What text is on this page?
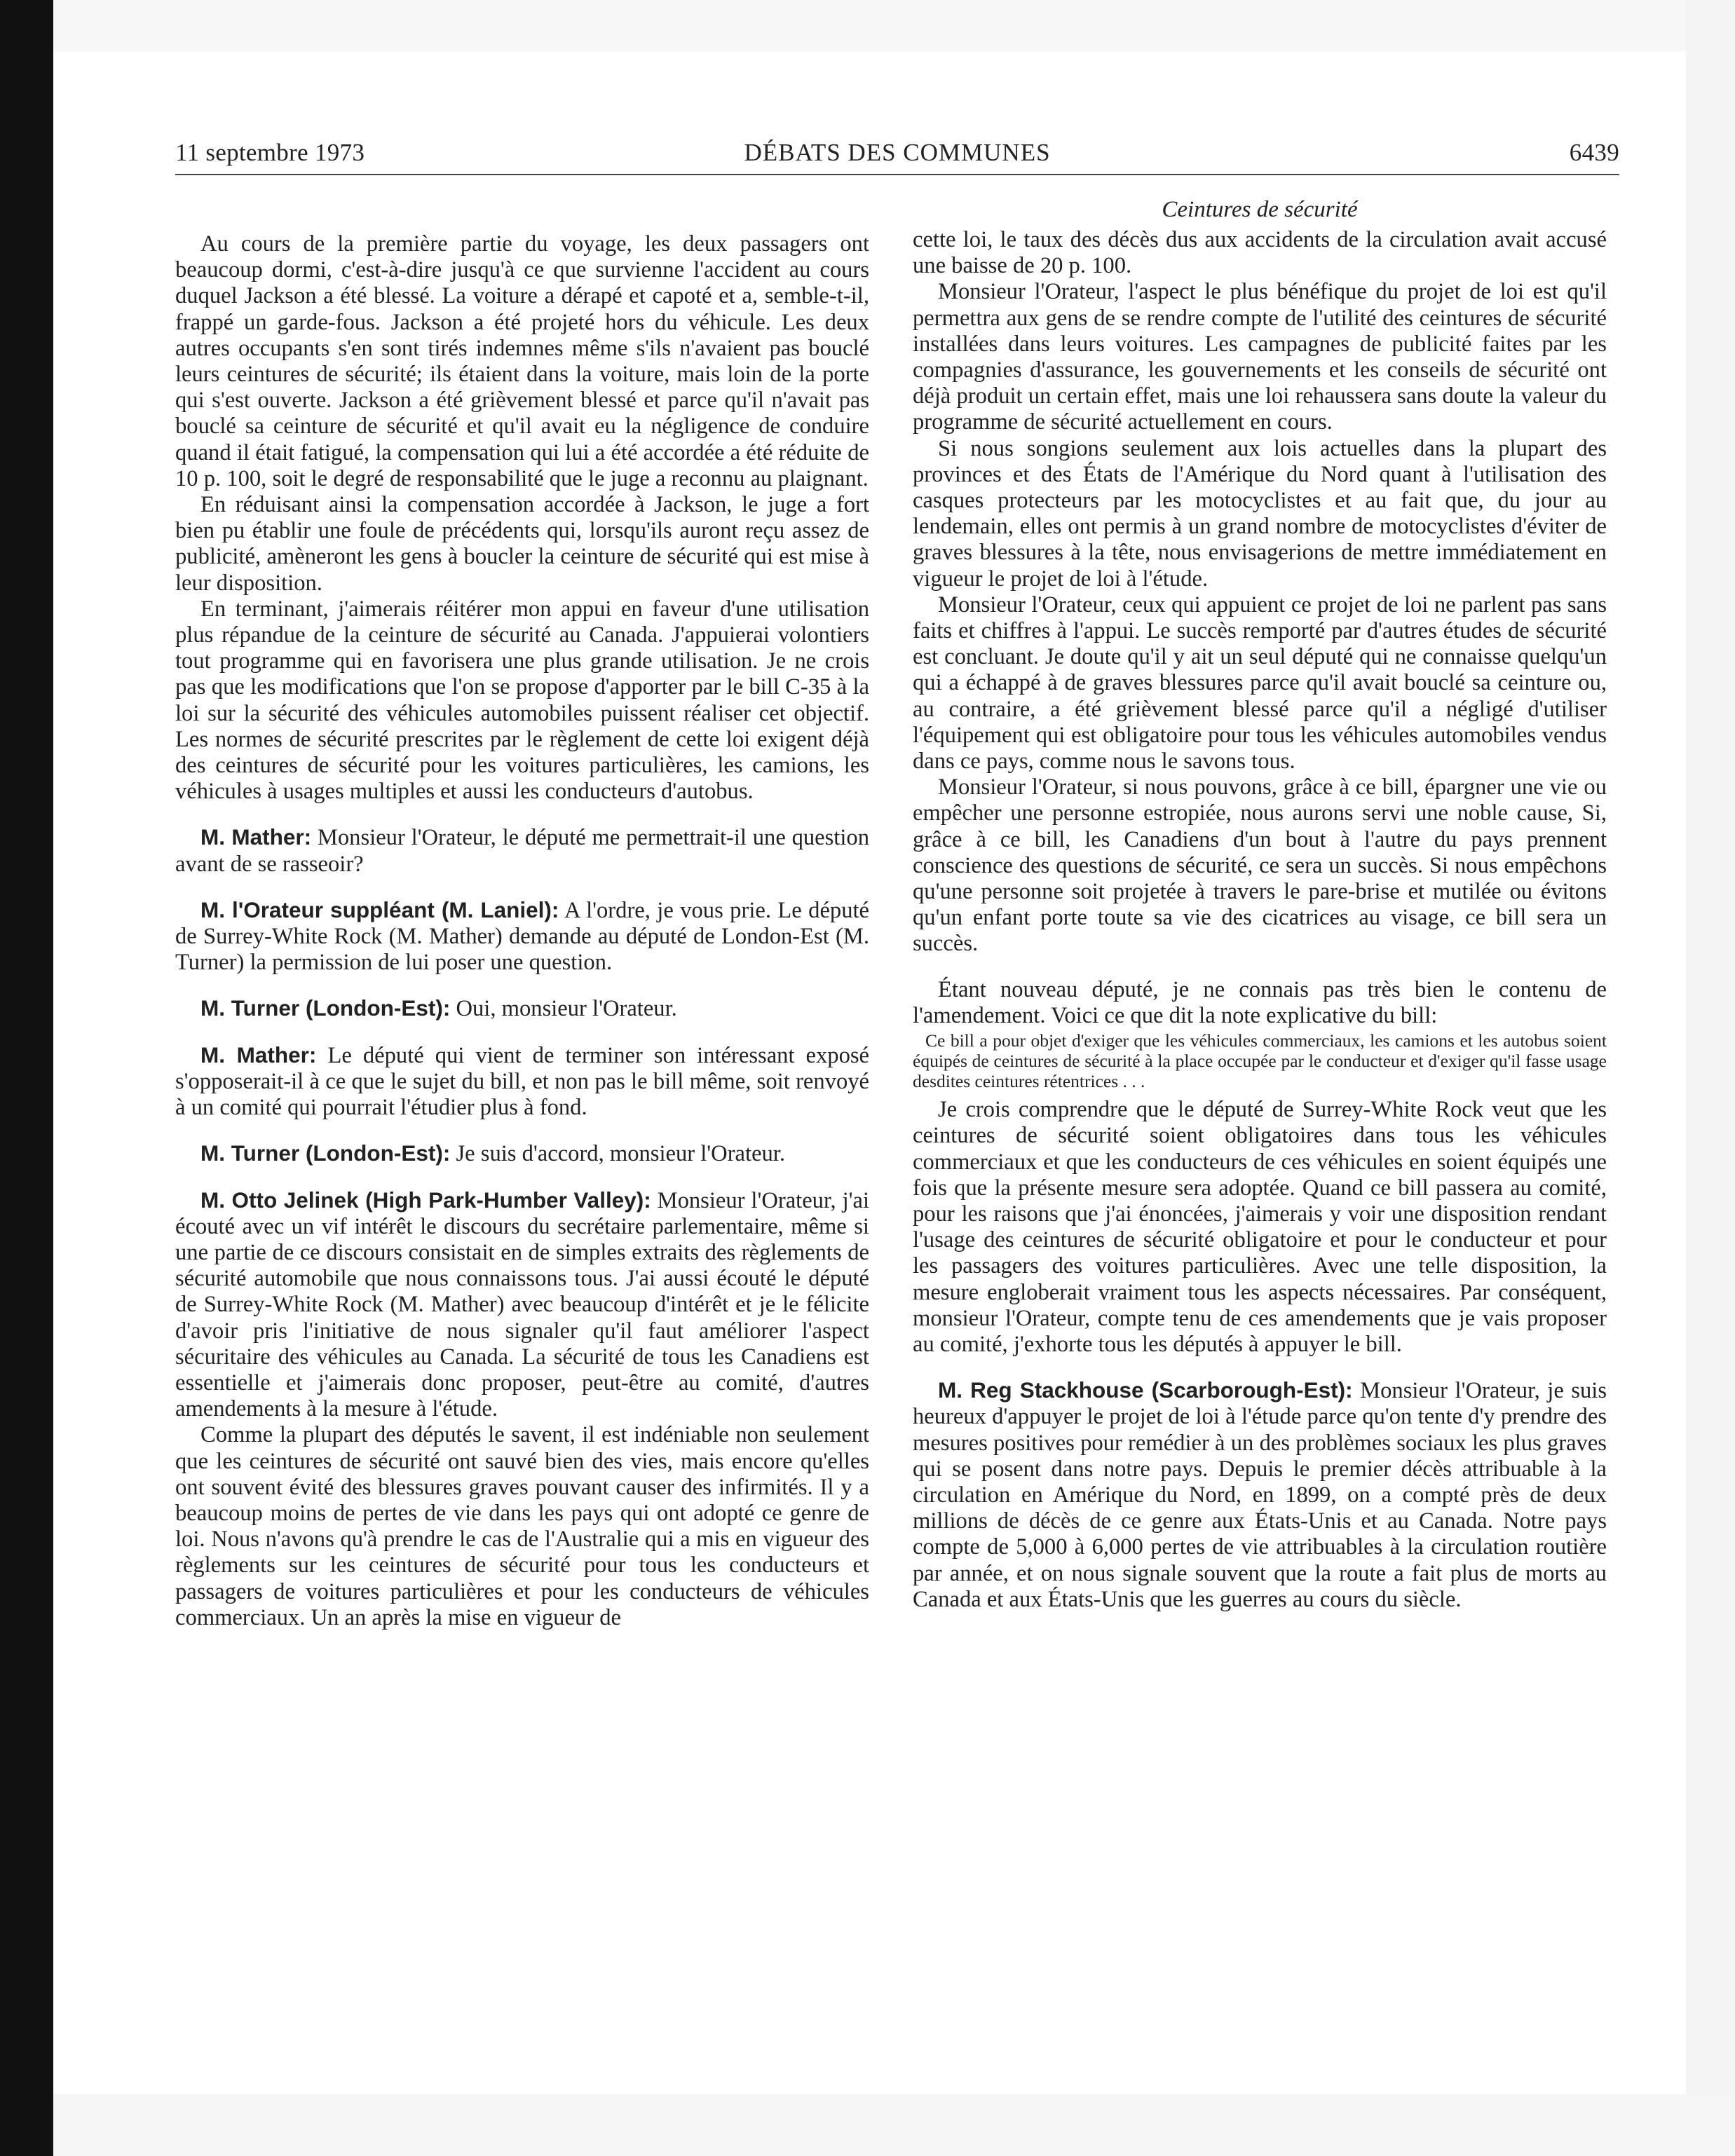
11 septembre 1973	DÉBATS DES COMMUNES	6439

Au cours de la première partie du voyage, les deux passagers ont beaucoup dormi, c'est-à-dire jusqu'à ce que survienne l'accident au cours duquel Jackson a été blessé. La voiture a dérapé et capoté et a, semble-t-il, frappé un garde-fous. Jackson a été projeté hors du véhicule. Les deux autres occupants s'en sont tirés indemnes même s'ils n'avaient pas bouclé leurs ceintures de sécurité; ils étaient dans la voiture, mais loin de la porte qui s'est ouverte. Jackson a été grièvement blessé et parce qu'il n'avait pas bouclé sa ceinture de sécurité et qu'il avait eu la négligence de conduire quand il était fatigué, la compensation qui lui a été accordée a été réduite de 10 p. 100, soit le degré de responsabilité que le juge a reconnu au plaignant.

En réduisant ainsi la compensation accordée à Jackson, le juge a fort bien pu établir une foule de précédents qui, lorsqu'ils auront reçu assez de publicité, amèneront les gens à boucler la ceinture de sécurité qui est mise à leur disposition.

En terminant, j'aimerais réitérer mon appui en faveur d'une utilisation plus répandue de la ceinture de sécurité au Canada. J'appuierai volontiers tout programme qui en favorisera une plus grande utilisation. Je ne crois pas que les modifications que l'on se propose d'apporter par le bill C-35 à la loi sur la sécurité des véhicules automobiles puissent réaliser cet objectif. Les normes de sécurité prescrites par le règlement de cette loi exigent déjà des ceintures de sécurité pour les voitures particulières, les camions, les véhicules à usages multiples et aussi les conducteurs d'autobus.

M. Mather: Monsieur l'Orateur, le député me permettrait-il une question avant de se rasseoir?

M. l'Orateur suppléant (M. Laniel): A l'ordre, je vous prie. Le député de Surrey-White Rock (M. Mather) demande au député de London-Est (M. Turner) la permission de lui poser une question.

M. Turner (London-Est): Oui, monsieur l'Orateur.

M. Mather: Le député qui vient de terminer son intéressant exposé s'opposerait-il à ce que le sujet du bill, et non pas le bill même, soit renvoyé à un comité qui pourrait l'étudier plus à fond.

M. Turner (London-Est): Je suis d'accord, monsieur l'Orateur.

M. Otto Jelinek (High Park-Humber Valley): Monsieur l'Orateur, j'ai écouté avec un vif intérêt le discours du secrétaire parlementaire, même si une partie de ce discours consistait en de simples extraits des règlements de sécurité automobile que nous connaissons tous. J'ai aussi écouté le député de Surrey-White Rock (M. Mather) avec beaucoup d'intérêt et je le félicite d'avoir pris l'initiative de nous signaler qu'il faut améliorer l'aspect sécuritaire des véhicules au Canada. La sécurité de tous les Canadiens est essentielle et j'aimerais donc proposer, peut-être au comité, d'autres amendements à la mesure à l'étude.

Comme la plupart des députés le savent, il est indéniable non seulement que les ceintures de sécurité ont sauvé bien des vies, mais encore qu'elles ont souvent évité des blessures graves pouvant causer des infirmités. Il y a beaucoup moins de pertes de vie dans les pays qui ont adopté ce genre de loi. Nous n'avons qu'à prendre le cas de l'Australie qui a mis en vigueur des règlements sur les ceintures de sécurité pour tous les conducteurs et passagers de voitures particulières et pour les conducteurs de véhicules commerciaux. Un an après la mise en vigueur de

Ceintures de sécurité

cette loi, le taux des décès dus aux accidents de la circulation avait accusé une baisse de 20 p. 100.

Monsieur l'Orateur, l'aspect le plus bénéfique du projet de loi est qu'il permettra aux gens de se rendre compte de l'utilité des ceintures de sécurité installées dans leurs voitures. Les campagnes de publicité faites par les compagnies d'assurance, les gouvernements et les conseils de sécurité ont déjà produit un certain effet, mais une loi rehaussera sans doute la valeur du programme de sécurité actuellement en cours.

Si nous songions seulement aux lois actuelles dans la plupart des provinces et des États de l'Amérique du Nord quant à l'utilisation des casques protecteurs par les motocyclistes et au fait que, du jour au lendemain, elles ont permis à un grand nombre de motocyclistes d'éviter de graves blessures à la tête, nous envisagerions de mettre immédiatement en vigueur le projet de loi à l'étude.

Monsieur l'Orateur, ceux qui appuient ce projet de loi ne parlent pas sans faits et chiffres à l'appui. Le succès remporté par d'autres études de sécurité est concluant. Je doute qu'il y ait un seul député qui ne connaisse quelqu'un qui a échappé à de graves blessures parce qu'il avait bouclé sa ceinture ou, au contraire, a été grièvement blessé parce qu'il a négligé d'utiliser l'équipement qui est obligatoire pour tous les véhicules automobiles vendus dans ce pays, comme nous le savons tous.

Monsieur l'Orateur, si nous pouvons, grâce à ce bill, épargner une vie ou empêcher une personne estropiée, nous aurons servi une noble cause, Si, grâce à ce bill, les Canadiens d'un bout à l'autre du pays prennent conscience des questions de sécurité, ce sera un succès. Si nous empêchons qu'une personne soit projetée à travers le pare-brise et mutilée ou évitons qu'un enfant porte toute sa vie des cicatrices au visage, ce bill sera un succès.

Étant nouveau député, je ne connais pas très bien le contenu de l'amendement. Voici ce que dit la note explicative du bill:

Ce bill a pour objet d'exiger que les véhicules commerciaux, les camions et les autobus soient équipés de ceintures de sécurité à la place occupée par le conducteur et d'exiger qu'il fasse usage desdites ceintures rétentrices . . .

Je crois comprendre que le député de Surrey-White Rock veut que les ceintures de sécurité soient obligatoires dans tous les véhicules commerciaux et que les conducteurs de ces véhicules en soient équipés une fois que la présente mesure sera adoptée. Quand ce bill passera au comité, pour les raisons que j'ai énoncées, j'aimerais y voir une disposition rendant l'usage des ceintures de sécurité obligatoire et pour le conducteur et pour les passagers des voitures particulières. Avec une telle disposition, la mesure engloberait vraiment tous les aspects nécessaires. Par conséquent, monsieur l'Orateur, compte tenu de ces amendements que je vais proposer au comité, j'exhorte tous les députés à appuyer le bill.

M. Reg Stackhouse (Scarborough-Est): Monsieur l'Orateur, je suis heureux d'appuyer le projet de loi à l'étude parce qu'on tente d'y prendre des mesures positives pour remédier à un des problèmes sociaux les plus graves qui se posent dans notre pays. Depuis le premier décès attribuable à la circulation en Amérique du Nord, en 1899, on a compté près de deux millions de décès de ce genre aux États-Unis et au Canada. Notre pays compte de 5,000 à 6,000 pertes de vie attribuables à la circulation routière par année, et on nous signale souvent que la route a fait plus de morts au Canada et aux États-Unis que les guerres au cours du siècle.
